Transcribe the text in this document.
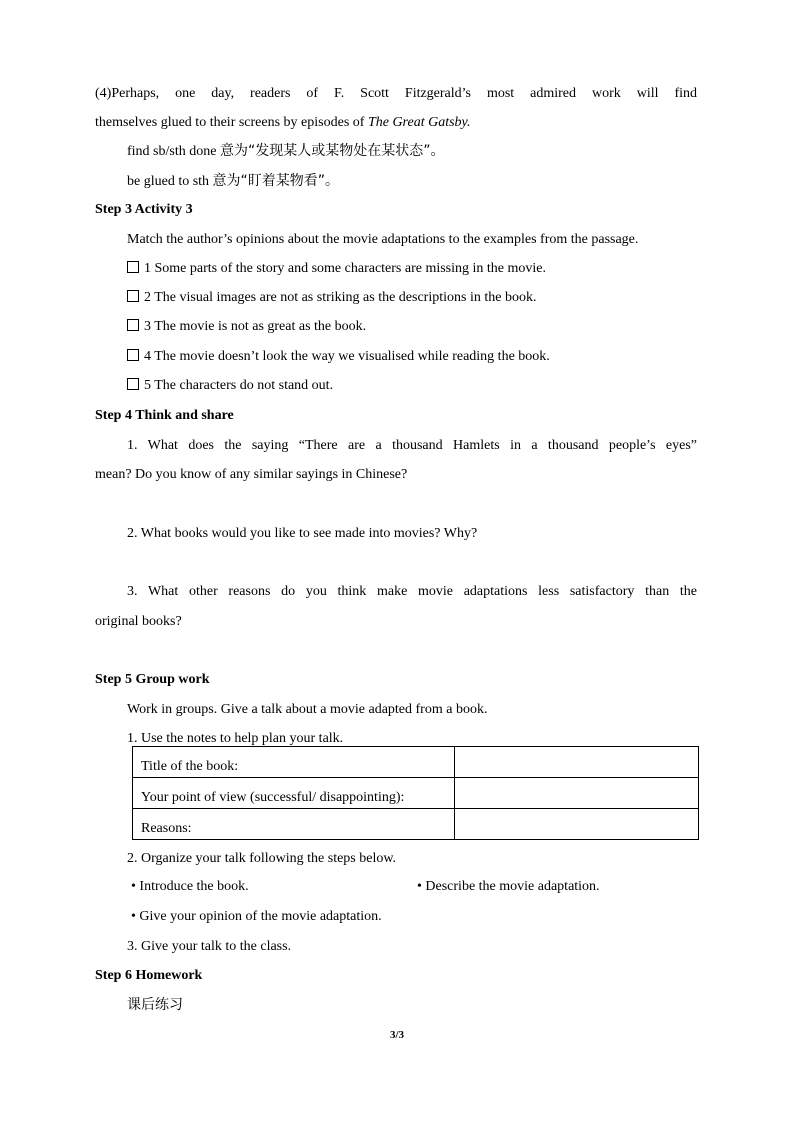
(4)Perhaps, one day, readers of F. Scott Fitzgerald’s most admired work will find
themselves glued to their screens by episodes of The Great Gatsby.
find sb/sth done 意为“发现某人或某物处在某状态”。
be glued to sth 意为“盯着某物看”。
Step 3 Activity 3
Match the author’s opinions about the movie adaptations to the examples from the passage.
1 Some parts of the story and some characters are missing in the movie.
2 The visual images are not as striking as the descriptions in the book.
3 The movie is not as great as the book.
4 The movie doesn’t look the way we visualised while reading the book.
5 The characters do not stand out.
Step 4 Think and share
1. What does the saying “There are a thousand Hamlets in a thousand people’s eyes”
mean? Do you know of any similar sayings in Chinese?
2. What books would you like to see made into movies? Why?
3. What other reasons do you think make movie adaptations less satisfactory than the
original books?
Step 5 Group work
Work in groups. Give a talk about a movie adapted from a book.
1. Use the notes to help plan your talk.
Title of the book:	
Your point of view (successful/ disappointing):	
Reasons:	
2. Organize your talk following the steps below.
• Introduce the book.	• Describe the movie adaptation.
• Give your opinion of the movie adaptation.
3. Give your talk to the class.
Step 6 Homework
课后练习
3/3
